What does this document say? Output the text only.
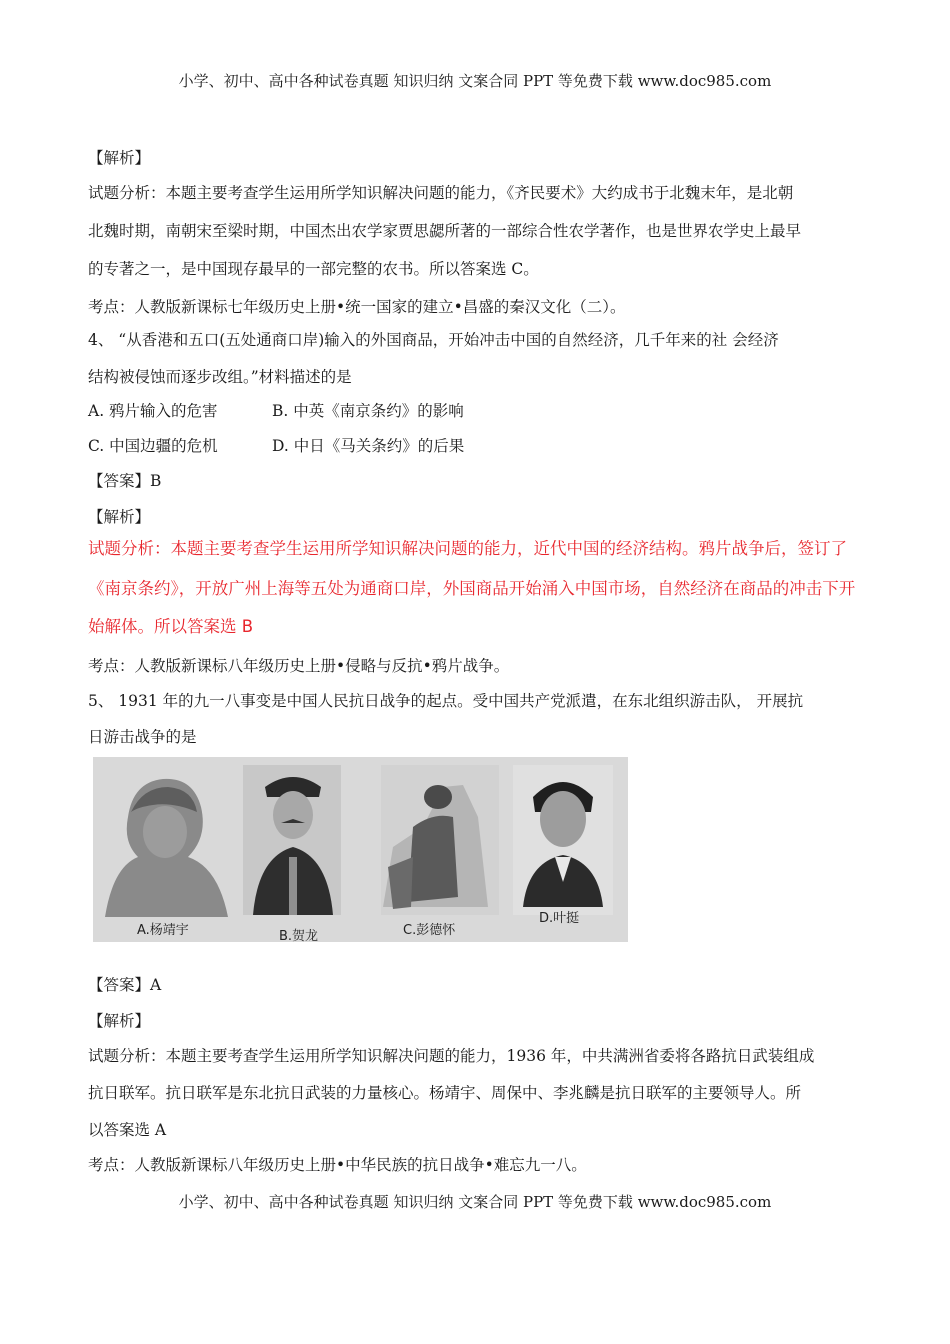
小学、初中、高中各种试卷真题 知识归纳 文案合同 PPT 等免费下载 www.doc985.com
【解析】
试题分析：本题主要考查学生运用所学知识解决问题的能力，《齐民要术》大约成书于北魏末年，是北朝
北魏时期，南朝宋至梁时期，中国杰出农学家贾思勰所著的一部综合性农学著作，也是世界农学史上最早
的专著之一，是中国现存最早的一部完整的农书。所以答案选 C。
考点：人教版新课标七年级历史上册•统一国家的建立•昌盛的秦汉文化（二）。
4、 “从香港和五口(五处通商口岸)输入的外国商品，开始冲击中国的自然经济，几千年来的社 会经济
结构被侵蚀而逐步改组。”材料描述的是
A. 鸦片输入的危害	B. 中英《南京条约》的影响
C. 中国边疆的危机	D. 中日《马关条约》的后果
【答案】B
【解析】
试题分析：本题主要考查学生运用所学知识解决问题的能力，近代中国的经济结构。鸦片战争后，签订了
《南京条约》，开放广州上海等五处为通商口岸，外国商品开始涌入中国市场，自然经济在商品的冲击下开
始解体。所以答案选 B
考点：人教版新课标八年级历史上册•侵略与反抗•鸦片战争。
5、 1931 年的九一八事变是中国人民抗日战争的起点。受中国共产党派遣，在东北组织游击队， 开展抗
日游击战争的是
A.杨靖宇	B.贺龙	C.彭德怀
D.叶挺
【答案】A
【解析】
试题分析：本题主要考查学生运用所学知识解决问题的能力，1936 年，中共满洲省委将各路抗日武装组成
抗日联军。抗日联军是东北抗日武装的力量核心。杨靖宇、周保中、李兆麟是抗日联军的主要领导人。所
以答案选 A
考点：人教版新课标八年级历史上册•中华民族的抗日战争•难忘九一八。
小学、初中、高中各种试卷真题 知识归纳 文案合同 PPT 等免费下载 www.doc985.com
